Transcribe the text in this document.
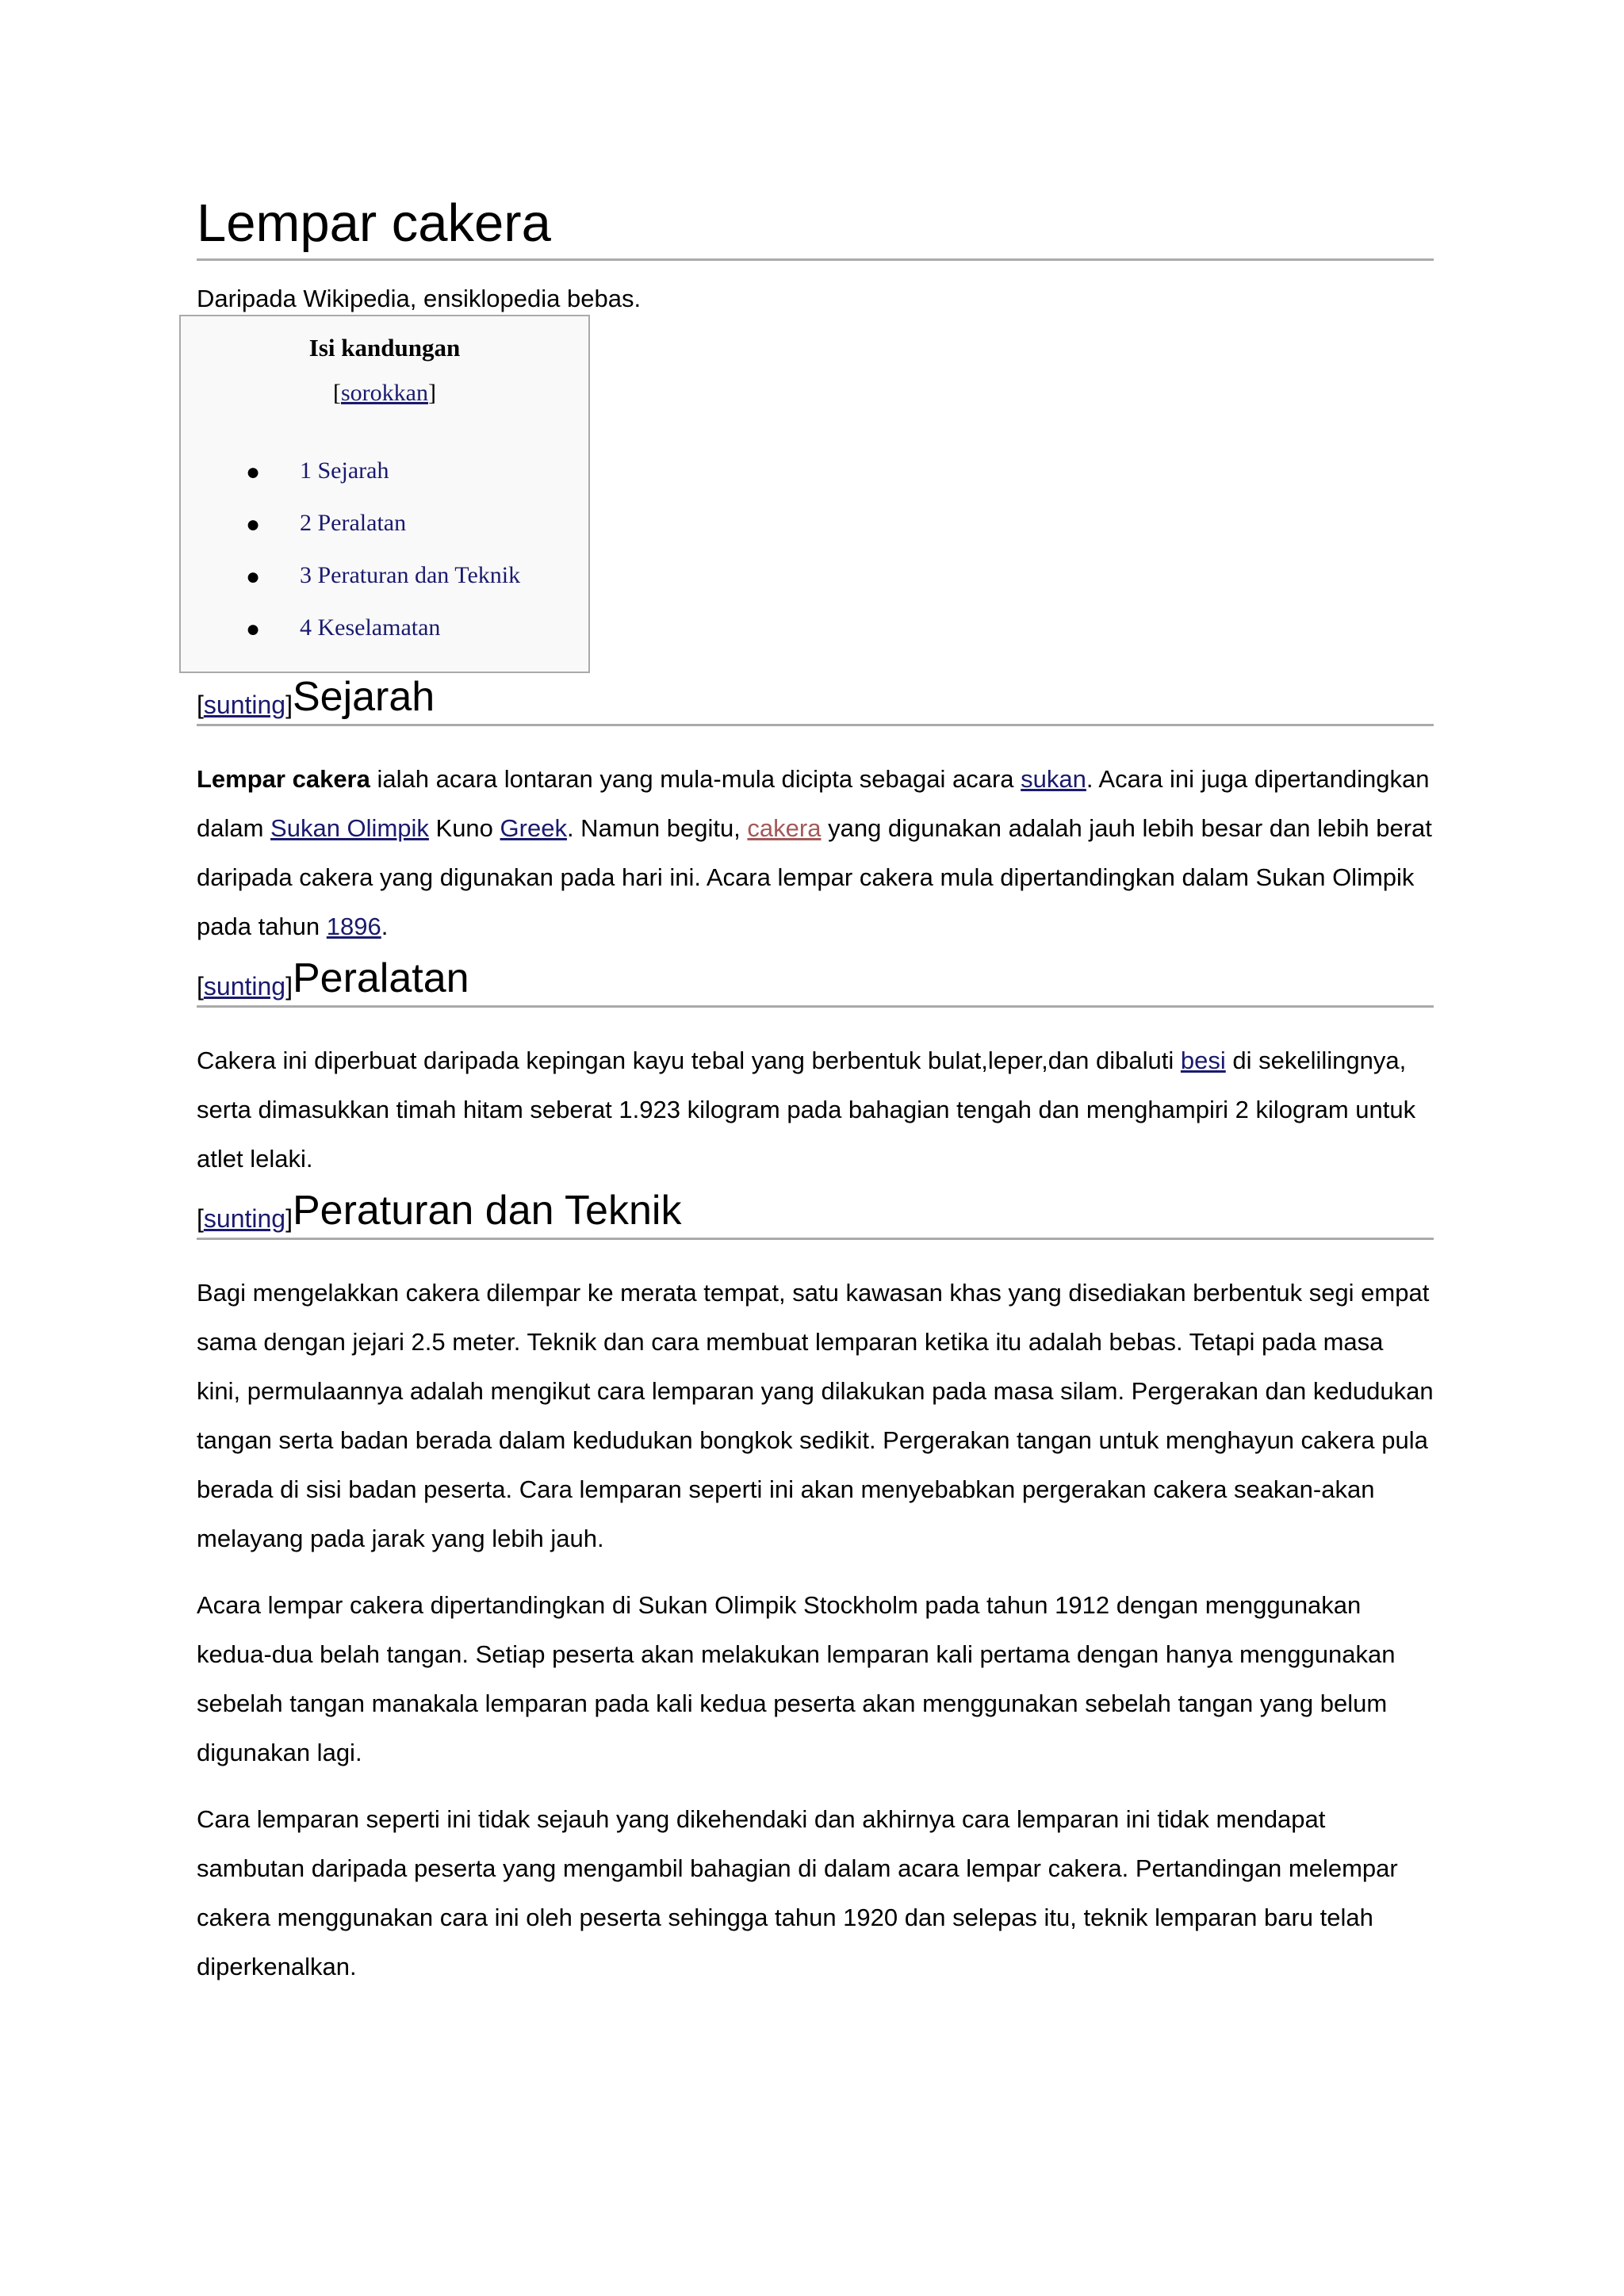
Lempar cakera
Daripada Wikipedia, ensiklopedia bebas.
Isi kandungan
[sorokkan]
● 1 Sejarah
● 2 Peralatan
● 3 Peraturan dan Teknik
● 4 Keselamatan
[sunting] Sejarah

Lempar cakera ialah acara lontaran yang mula-mula dicipta sebagai acara sukan. Acara ini juga dipertandingkan dalam Sukan Olimpik Kuno Greek. Namun begitu, cakera yang digunakan adalah jauh lebih besar dan lebih berat daripada cakera yang digunakan pada hari ini. Acara lempar cakera mula dipertandingkan dalam Sukan Olimpik pada tahun 1896.

[sunting] Peralatan

Cakera ini diperbuat daripada kepingan kayu tebal yang berbentuk bulat,leper,dan dibaluti besi di sekelilingnya, serta dimasukkan timah hitam seberat 1.923 kilogram pada bahagian tengah dan menghampiri 2 kilogram untuk atlet lelaki.

[sunting] Peraturan dan Teknik

Bagi mengelakkan cakera dilempar ke merata tempat, satu kawasan khas yang disediakan berbentuk segi empat sama dengan jejari 2.5 meter. Teknik dan cara membuat lemparan ketika itu adalah bebas. Tetapi pada masa kini, permulaannya adalah mengikut cara lemparan yang dilakukan pada masa silam. Pergerakan dan kedudukan tangan serta badan berada dalam kedudukan bongkok sedikit. Pergerakan tangan untuk menghayun cakera pula berada di sisi badan peserta. Cara lemparan seperti ini akan menyebabkan pergerakan cakera seakan-akan melayang pada jarak yang lebih jauh.

Acara lempar cakera dipertandingkan di Sukan Olimpik Stockholm pada tahun 1912 dengan menggunakan kedua-dua belah tangan. Setiap peserta akan melakukan lemparan kali pertama dengan hanya menggunakan sebelah tangan manakala lemparan pada kali kedua peserta akan menggunakan sebelah tangan yang belum digunakan lagi.

Cara lemparan seperti ini tidak sejauh yang dikehendaki dan akhirnya cara lemparan ini tidak mendapat sambutan daripada peserta yang mengambil bahagian di dalam acara lempar cakera. Pertandingan melempar cakera menggunakan cara ini oleh peserta sehingga tahun 1920 dan selepas itu, teknik lemparan baru telah diperkenalkan.
